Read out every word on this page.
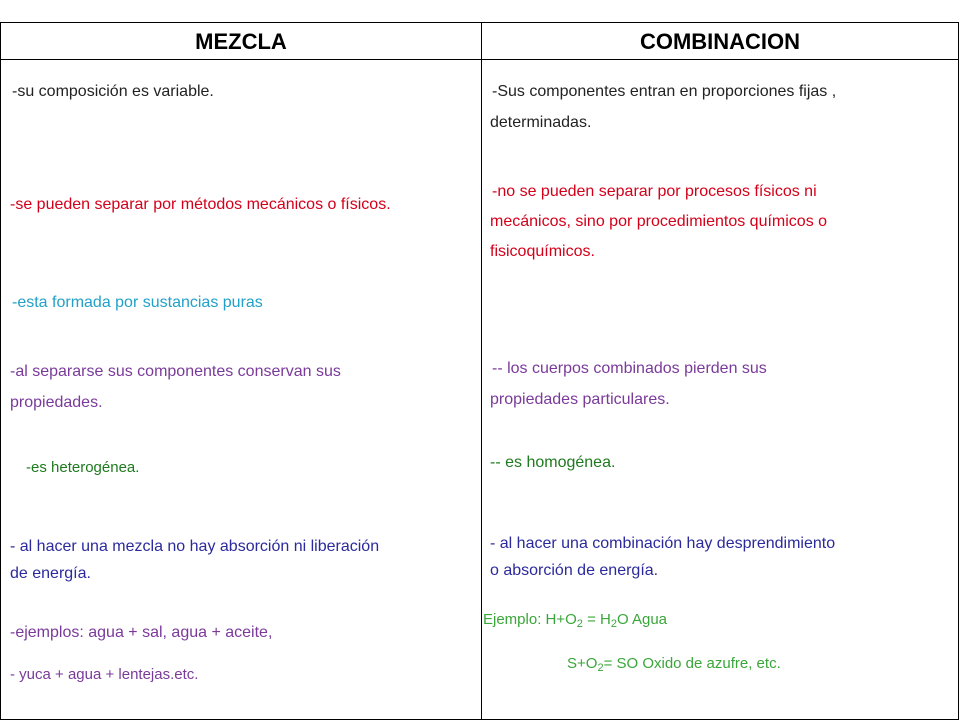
MEZCLA	COMBINACION

-su composición es variable.

-se pueden separar por métodos mecánicos o físicos.

-esta formada por sustancias puras

-al separarse sus componentes conservan sus

propiedades.

-es heterogénea.

- al hacer una mezcla no hay absorción ni liberación

de energía.

-ejemplos: agua + sal, agua + aceite,

- yuca + agua + lentejas.etc.

-Sus componentes entran en proporciones fijas ,

determinadas.

-no se pueden separar por procesos físicos ni

mecánicos, sino por procedimientos químicos o

fisicoquímicos.

-- los cuerpos combinados pierden sus

propiedades particulares.

-- es homogénea.

- al hacer una combinación hay desprendimiento

o absorción de energía.

Ejemplo: $H+O_2 = H_2O$ Agua

$S+O_2=$ SO Oxido de azufre, etc.
